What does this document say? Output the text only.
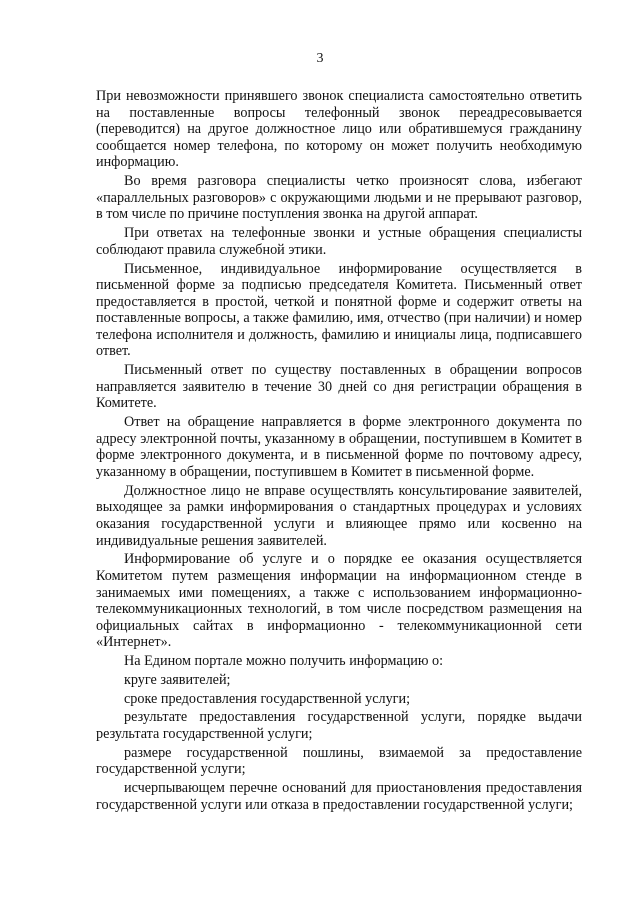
3

При невозможности принявшего звонок специалиста самостоятельно ответить на поставленные вопросы телефонный звонок переадресовывается (переводится) на другое должностное лицо или обратившемуся гражданину сообщается номер телефона, по которому он может получить необходимую информацию.

Во время разговора специалисты четко произносят слова, избегают «параллельных разговоров» с окружающими людьми и не прерывают разговор, в том числе по причине поступления звонка на другой аппарат.

При ответах на телефонные звонки и устные обращения специалисты соблюдают правила служебной этики.

Письменное, индивидуальное информирование осуществляется в письменной форме за подписью председателя Комитета. Письменный ответ предоставляется в простой, четкой и понятной форме и содержит ответы на поставленные вопросы, а также фамилию, имя, отчество (при наличии) и номер телефона исполнителя и должность, фамилию и инициалы лица, подписавшего ответ.

Письменный ответ по существу поставленных в обращении вопросов направляется заявителю в течение 30 дней со дня регистрации обращения в Комитете.

Ответ на обращение направляется в форме электронного документа по адресу электронной почты, указанному в обращении, поступившем в Комитет в форме электронного документа, и в письменной форме по почтовому адресу, указанному в обращении, поступившем в Комитет в письменной форме.

Должностное лицо не вправе осуществлять консультирование заявителей, выходящее за рамки информирования о стандартных процедурах и условиях оказания государственной услуги и влияющее прямо или косвенно на индивидуальные решения заявителей.

Информирование об услуге и о порядке ее оказания осуществляется Комитетом путем размещения информации на информационном стенде в занимаемых ими помещениях, а также с использованием информационно-телекоммуникационных технологий, в том числе посредством размещения на официальных сайтах в информационно - телекоммуникационной сети «Интернет».

На Едином портале можно получить информацию о:

круге заявителей;

сроке предоставления государственной услуги;

результате предоставления государственной услуги, порядке выдачи результата государственной услуги;

размере государственной пошлины, взимаемой за предоставление государственной услуги;

исчерпывающем перечне оснований для приостановления предоставления государственной услуги или отказа в предоставлении государственной услуги;
